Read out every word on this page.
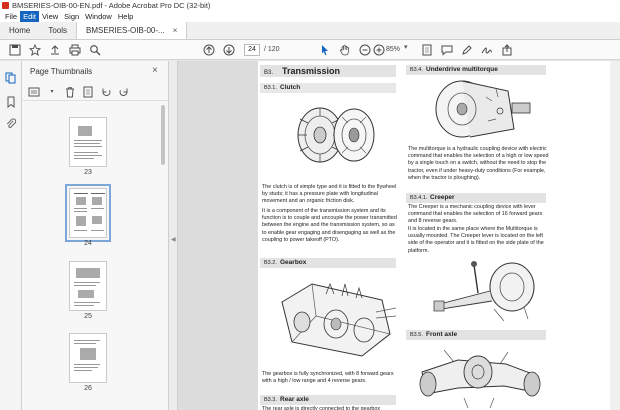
BMSERIES-OIB-00-EN.pdf - Adobe Acrobat Pro DC (32-bit)
File Edit View Sign Window Help
Home	Tools	BMSERIES-OIB-00-... ×
24	/ 120	85% ▾
Page Thumbnails	×
▾
23
24
25
26
◀
B3. Transmission
B3.1. Clutch
The clutch is of simple type and it is fitted to the flywheel by studs; it has a pressure plate with longitudinal movement and an organic friction disk.
It is a component of the transmission system and its function is to couple and uncouple the power transmitted between the engine and the transmission system, so as to enable gear engaging and disengaging as well as the coupling to power takeoff (PTO).
B3.2. Gearbox
The gearbox is fully synchronized, with 8 forward gears with a high / low range and 4 reverse gears.
B3.3. Rear axle
The rear axle is directly connected to the gearbox
B3.4. Underdrive multitorque
The multitorque is a hydraulic coupling device with electric command that enables the selection of a high or low speed by a single touch on a switch, without the need to stop the tractor, even if under heavy-duty conditions (For example, when the tractor is ploughing).
B3.4.1. Creeper
The Creeper is a mechanic coupling device with lever command that enables the selection of 16 forward gears and 8 reverse gears.
It is located in the same place where the Multitorque is usually mounted. The Creeper lever is located on the left side of the operator and it is fitted on the side plate of the platform.
B3.5. Front axle
